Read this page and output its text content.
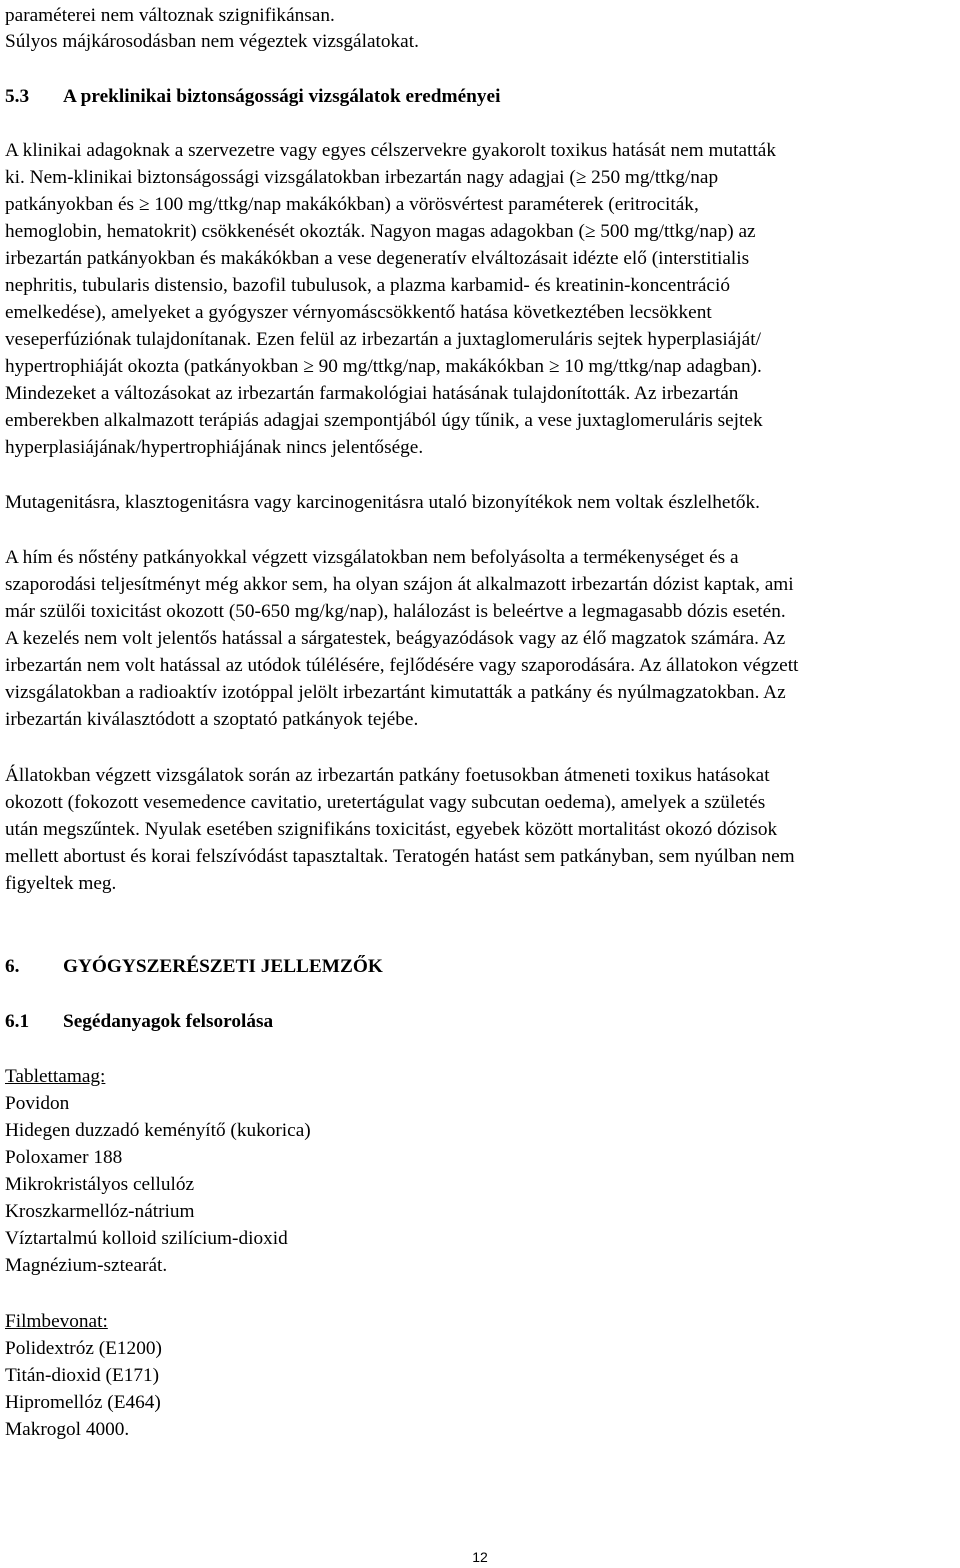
paraméterei nem változnak szignifikánsan.
Súlyos májkárosodásban nem végeztek vizsgálatokat.
5.3 A preklinikai biztonságossági vizsgálatok eredményei
A klinikai adagoknak a szervezetre vagy egyes célszervekre gyakorolt toxikus hatását nem mutatták
ki. Nem-klinikai biztonságossági vizsgálatokban irbezartán nagy adagjai (≥ 250 mg/ttkg/nap
patkányokban és ≥ 100 mg/ttkg/nap makákókban) a vörösvértest paraméterek (eritrociták,
hemoglobin, hematokrit) csökkenését okozták. Nagyon magas adagokban (≥ 500 mg/ttkg/nap) az
irbezartán patkányokban és makákókban a vese degeneratív elváltozásait idézte elő (interstitialis
nephritis, tubularis distensio, bazofil tubulusok, a plazma karbamid- és kreatinin-koncentráció
emelkedése), amelyeket a gyógyszer vérnyomáscsökkentő hatása következtében lecsökkent
veseperfúziónak tulajdonítanak. Ezen felül az irbezartán a juxtaglomeruláris sejtek hyperplasiáját/
hypertrophiáját okozta (patkányokban ≥ 90 mg/ttkg/nap, makákókban ≥ 10 mg/ttkg/nap adagban).
Mindezeket a változásokat az irbezartán farmakológiai hatásának tulajdonították. Az irbezartán
emberekben alkalmazott terápiás adagjai szempontjából úgy tűnik, a vese juxtaglomeruláris sejtek
hyperplasiájának/hypertrophiájának nincs jelentősége.
Mutagenitásra, klasztogenitásra vagy karcinogenitásra utaló bizonyítékok nem voltak észlelhetők.
A hím és nőstény patkányokkal végzett vizsgálatokban nem befolyásolta a termékenységet és a
szaporodási teljesítményt még akkor sem, ha olyan szájon át alkalmazott irbezartán dózist kaptak, ami
már szülői toxicitást okozott (50-650 mg/kg/nap), halálozást is beleértve a legmagasabb dózis esetén.
A kezelés nem volt jelentős hatással a sárgatestek, beágyazódások vagy az élő magzatok számára. Az
irbezartán nem volt hatással az utódok túlélésére, fejlődésére vagy szaporodására. Az állatokon végzett
vizsgálatokban a radioaktív izotóppal jelölt irbezartánt kimutatták a patkány és nyúlmagzatokban. Az
irbezartán kiválasztódott a szoptató patkányok tejébe.
Állatokban végzett vizsgálatok során az irbezartán patkány foetusokban átmeneti toxikus hatásokat
okozott (fokozott vesemedence cavitatio, uretertágulat vagy subcutan oedema), amelyek a születés
után megszűntek. Nyulak esetében szignifikáns toxicitást, egyebek között mortalitást okozó dózisok
mellett abortust és korai felszívódást tapasztaltak. Teratogén hatást sem patkányban, sem nyúlban nem
figyeltek meg.
6. GYÓGYSZERÉSZETI JELLEMZŐK
6.1 Segédanyagok felsorolása
Tablettamag:
Povidon
Hidegen duzzadó keményítő (kukorica)
Poloxamer 188
Mikrokristályos cellulóz
Kroszkarmellóz-nátrium
Víztartalmú kolloid szilícium-dioxid
Magnézium-sztearát.
Filmbevonat:
Polidextróz (E1200)
Titán-dioxid (E171)
Hipromellóz (E464)
Makrogol 4000.
12
